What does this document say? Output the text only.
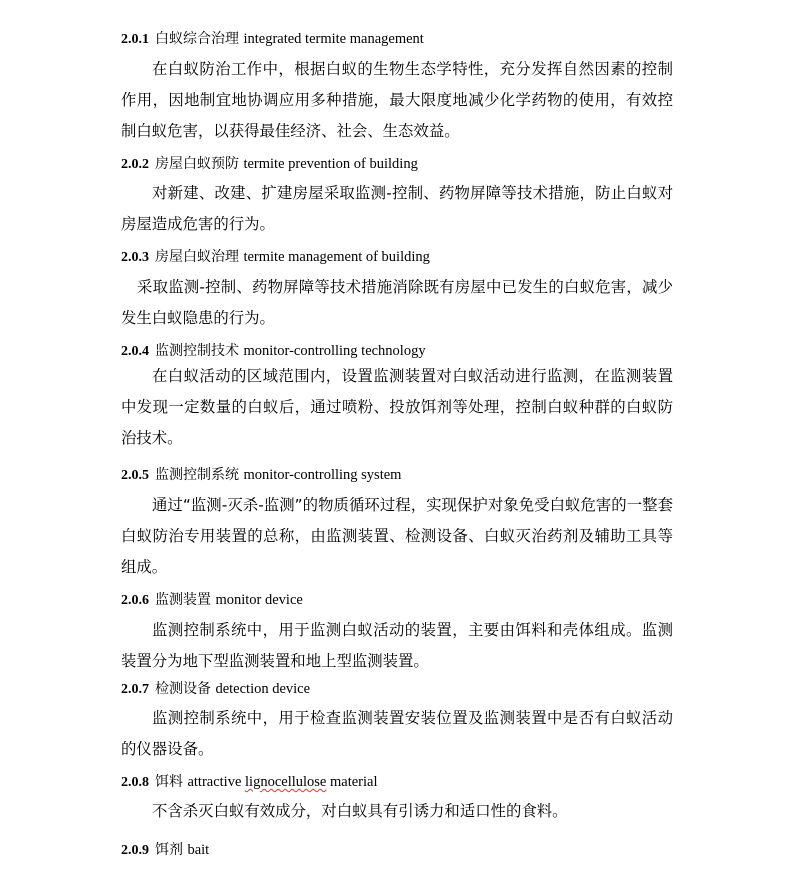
2.0.1 白蚁综合治理 integrated termite management

在白蚁防治工作中，根据白蚁的生物生态学特性，充分发挥自然因素的控制作用，因地制宜地协调应用多种措施，最大限度地减少化学药物的使用，有效控制白蚁危害，以获得最佳经济、社会、生态效益。

2.0.2 房屋白蚁预防 termite prevention of building

对新建、改建、扩建房屋采取监测-控制、药物屏障等技术措施，防止白蚁对房屋造成危害的行为。

2.0.3 房屋白蚁治理 termite management of building

采取监测-控制、药物屏障等技术措施消除既有房屋中已发生的白蚁危害，减少发生白蚁隐患的行为。

2.0.4 监测控制技术 monitor-controlling technology

在白蚁活动的区域范围内，设置监测装置对白蚁活动进行监测，在监测装置中发现一定数量的白蚁后，通过喷粉、投放饵剂等处理，控制白蚁种群的白蚁防治技术。

2.0.5 监测控制系统 monitor-controlling system

通过“监测-灭杀-监测”的物质循环过程，实现保护对象免受白蚁危害的一整套白蚁防治专用装置的总称，由监测装置、检测设备、白蚁灭治药剂及辅助工具等组成。

2.0.6 监测装置 monitor device

监测控制系统中，用于监测白蚁活动的装置，主要由饵料和壳体组成。监测装置分为地下型监测装置和地上型监测装置。

2.0.7 检测设备 detection device

监测控制系统中，用于检查监测装置安装位置及监测装置中是否有白蚁活动的仪器设备。

2.0.8 饵料 attractive lignocellulose material

不含杀灭白蚁有效成分，对白蚁具有引诱力和适口性的食料。

2.0.9 饵剂 bait
